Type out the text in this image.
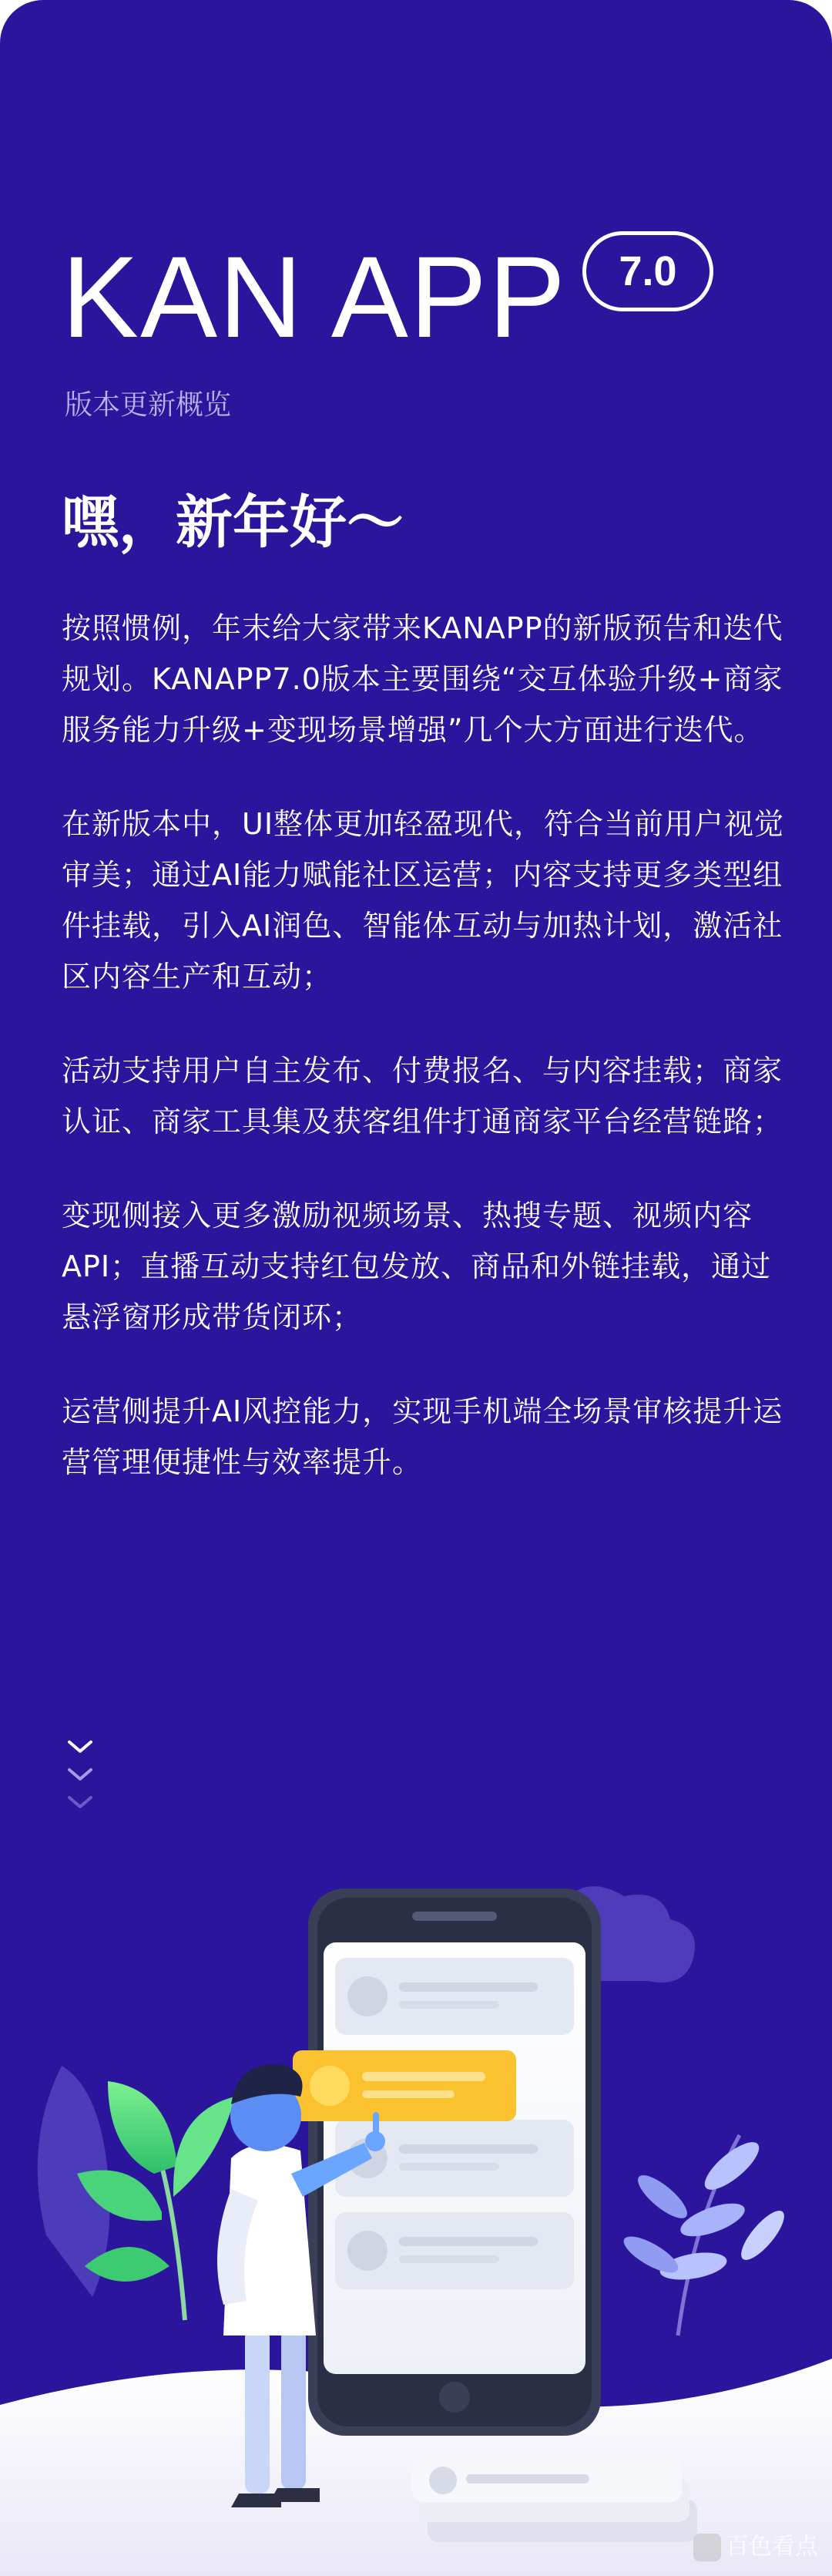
KAN APP	7.0

版本更新概览

嘿，新年好～

按照惯例，年末给大家带来KANAPP的新版预告和迭代规划。KANAPP7.0版本主要围绕“交互体验升级+商家服务能力升级+变现场景增强”几个大方面进行迭代。

在新版本中，UI整体更加轻盈现代，符合当前用户视觉审美；通过AI能力赋能社区运营；内容支持更多类型组件挂载，引入AI润色、智能体互动与加热计划，激活社区内容生产和互动；

活动支持用户自主发布、付费报名、与内容挂载；商家认证、商家工具集及获客组件打通商家平台经营链路；

变现侧接入更多激励视频场景、热搜专题、视频内容API；直播互动支持红包发放、商品和外链挂载，通过悬浮窗形成带货闭环；

运营侧提升AI风控能力，实现手机端全场景审核提升运营管理便捷性与效率提升。

百色看点
